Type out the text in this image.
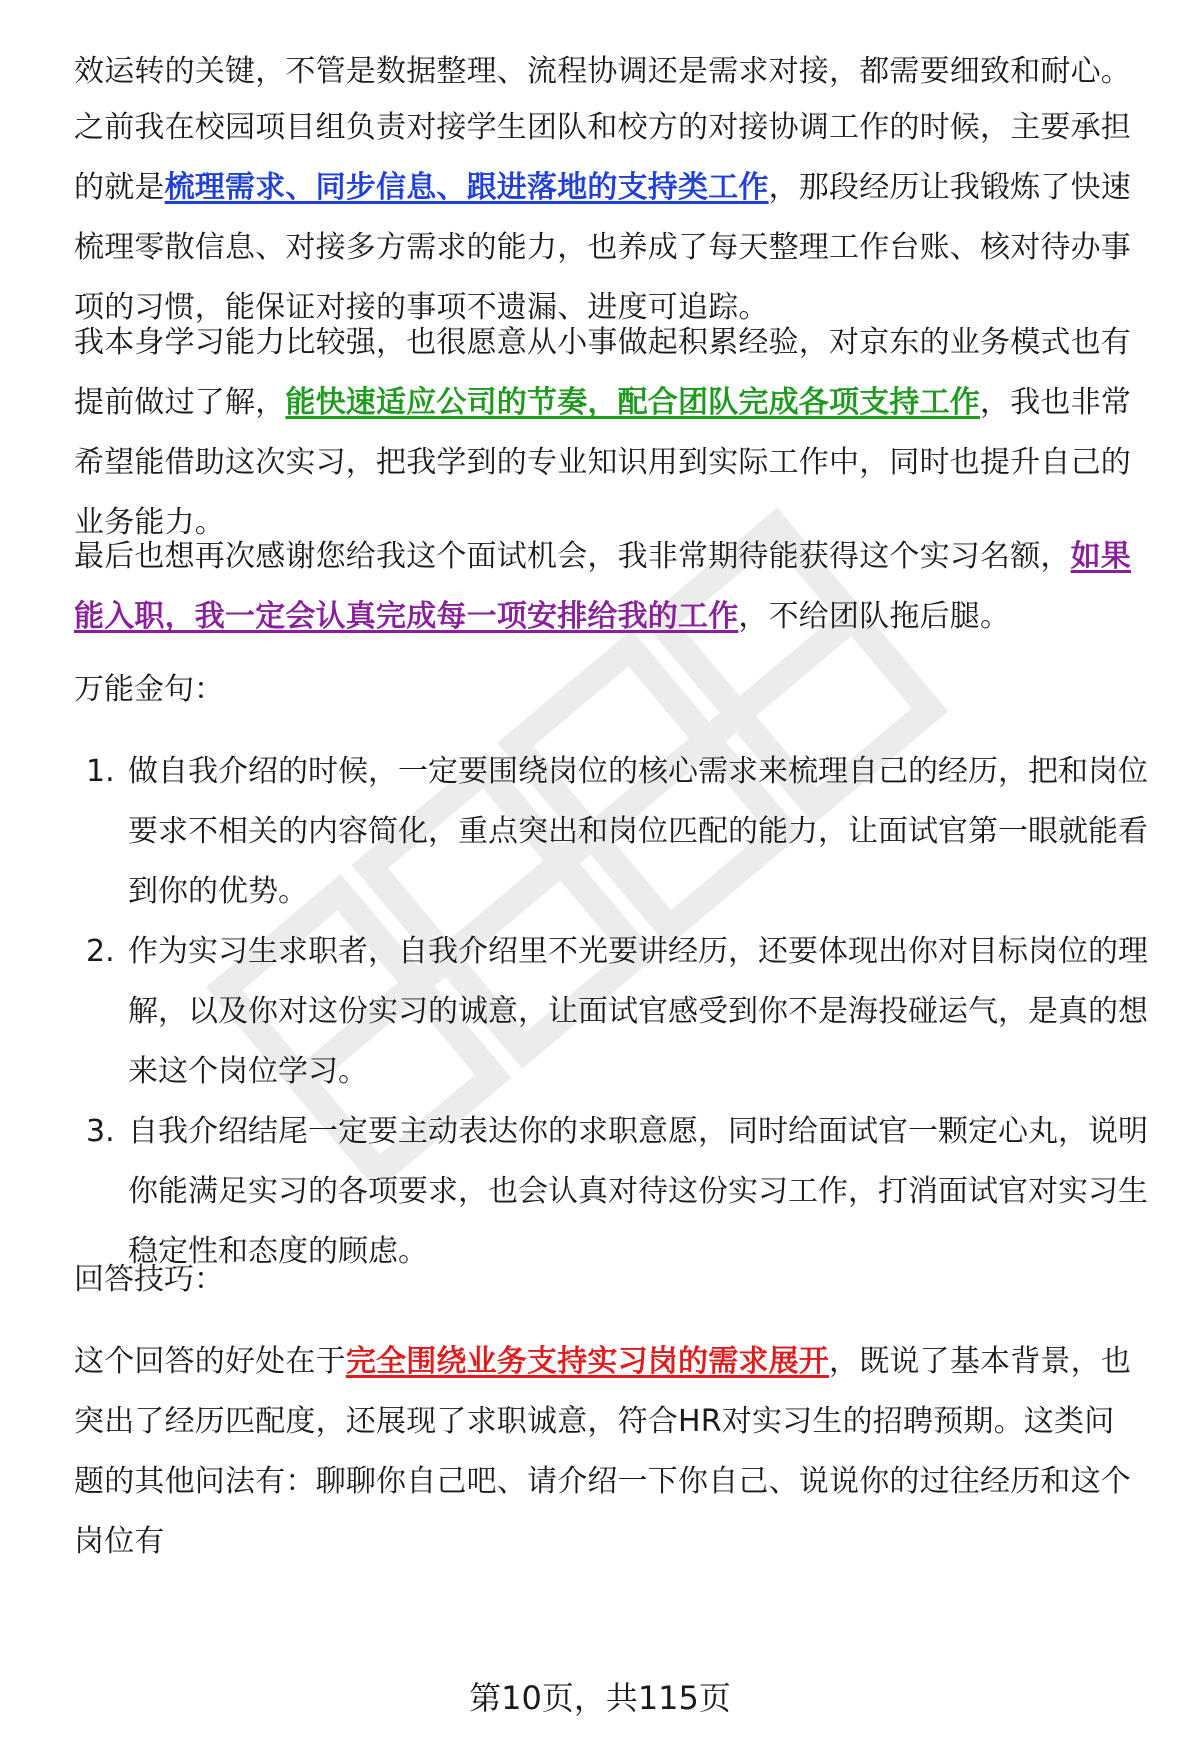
效运转的关键，不管是数据整理、流程协调还是需求对接，都需要细致和耐心。

之前我在校园项目组负责对接学生团队和校方的对接协调工作的时候，主要承担的就是梳理需求、同步信息、跟进落地的支持类工作，那段经历让我锻炼了快速梳理零散信息、对接多方需求的能力，也养成了每天整理工作台账、核对待办事项的习惯，能保证对接的事项不遗漏、进度可追踪。

我本身学习能力比较强，也很愿意从小事做起积累经验，对京东的业务模式也有提前做过了解，能快速适应公司的节奏，配合团队完成各项支持工作，我也非常希望能借助这次实习，把我学到的专业知识用到实际工作中，同时也提升自己的业务能力。

最后也想再次感谢您给我这个面试机会，我非常期待能获得这个实习名额，如果能入职，我一定会认真完成每一项安排给我的工作，不给团队拖后腿。

万能金句：

1. 做自我介绍的时候，一定要围绕岗位的核心需求来梳理自己的经历，把和岗位要求不相关的内容简化，重点突出和岗位匹配的能力，让面试官第一眼就能看到你的优势。
2. 作为实习生求职者，自我介绍里不光要讲经历，还要体现出你对目标岗位的理解，以及你对这份实习的诚意，让面试官感受到你不是海投碰运气，是真的想来这个岗位学习。
3. 自我介绍结尾一定要主动表达你的求职意愿，同时给面试官一颗定心丸，说明你能满足实习的各项要求，也会认真对待这份实习工作，打消面试官对实习生稳定性和态度的顾虑。

回答技巧：

这个回答的好处在于完全围绕业务支持实习岗的需求展开，既说了基本背景，也突出了经历匹配度，还展现了求职诚意，符合HR对实习生的招聘预期。这类问题的其他问法有：聊聊你自己吧、请介绍一下你自己、说说你的过往经历和这个岗位有

第10页，共115页
